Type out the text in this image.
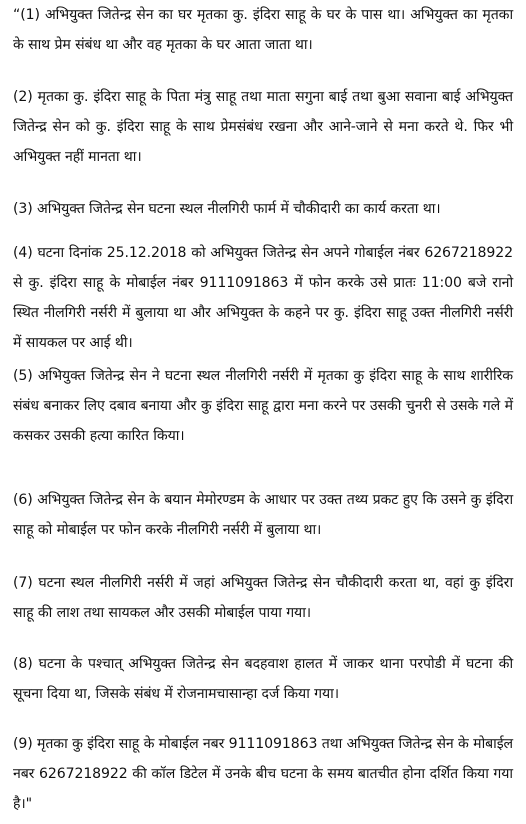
“(1) अभियुक्त जितेन्द्र सेन का घर मृतका कु. इंदिरा साहू के घर के पास था। अभियुक्त का मृतका के साथ प्रेम संबंध था और वह मृतका के घर आता जाता था।

(2) मृतका कु. इंदिरा साहू के पिता मंत्रु साहू तथा माता सगुना बाई तथा बुआ सवाना बाई अभियुक्त जितेन्द्र सेन को कु. इंदिरा साहू के साथ प्रेमसंबंध रखना और आने-जाने से मना करते थे. फिर भी अभियुक्त नहीं मानता था।

(3) अभियुक्त जितेन्द्र सेन घटना स्थल नीलगिरी फार्म में चौकीदारी का कार्य करता था।

(4) घटना दिनांक 25.12.2018 को अभियुक्त जितेन्द्र सेन अपने गोबाईल नंबर 6267218922 से कु. इंदिरा साहू के मोबाईल नंबर 9111091863 में फोन करके उसे प्रातः 11:00 बजे रानो स्थित नीलगिरी नर्सरी में बुलाया था और अभियुक्त के कहने पर कु. इंदिरा साहू उक्त नीलगिरी नर्सरी में सायकल पर आई थी।

(5) अभियुक्त जितेन्द्र सेन ने घटना स्थल नीलगिरी नर्सरी में मृतका कु इंदिरा साहू के साथ शारीरिक संबंध बनाकर लिए दबाव बनाया और कु इंदिरा साहू द्वारा मना करने पर उसकी चुनरी से उसके गले में कसकर उसकी हत्या कारित किया।

(6) अभियुक्त जितेन्द्र सेन के बयान मेमोरण्डम के आधार पर उक्त तथ्य प्रकट हुए कि उसने कु इंदिरा साहू को मोबाईल पर फोन करके नीलगिरी नर्सरी में बुलाया था।

(7) घटना स्थल नीलगिरी नर्सरी में जहां अभियुक्त जितेन्द्र सेन चौकीदारी करता था, वहां कु इंदिरा साहू की लाश तथा सायकल और उसकी मोबाईल पाया गया।

(8) घटना के पश्चात् अभियुक्त जितेन्द्र सेन बदहवाश हालत में जाकर थाना परपोडी में घटना की सूचना दिया था, जिसके संबंध में रोजनामचासान्हा दर्ज किया गया।

(9) मृतका कु इंदिरा साहू के मोबाईल नबर 9111091863 तथा अभियुक्त जितेन्द्र सेन के मोबाईल नबर 6267218922 की कॉल डिटेल में उनके बीच घटना के समय बातचीत होना दर्शित किया गया है।"
